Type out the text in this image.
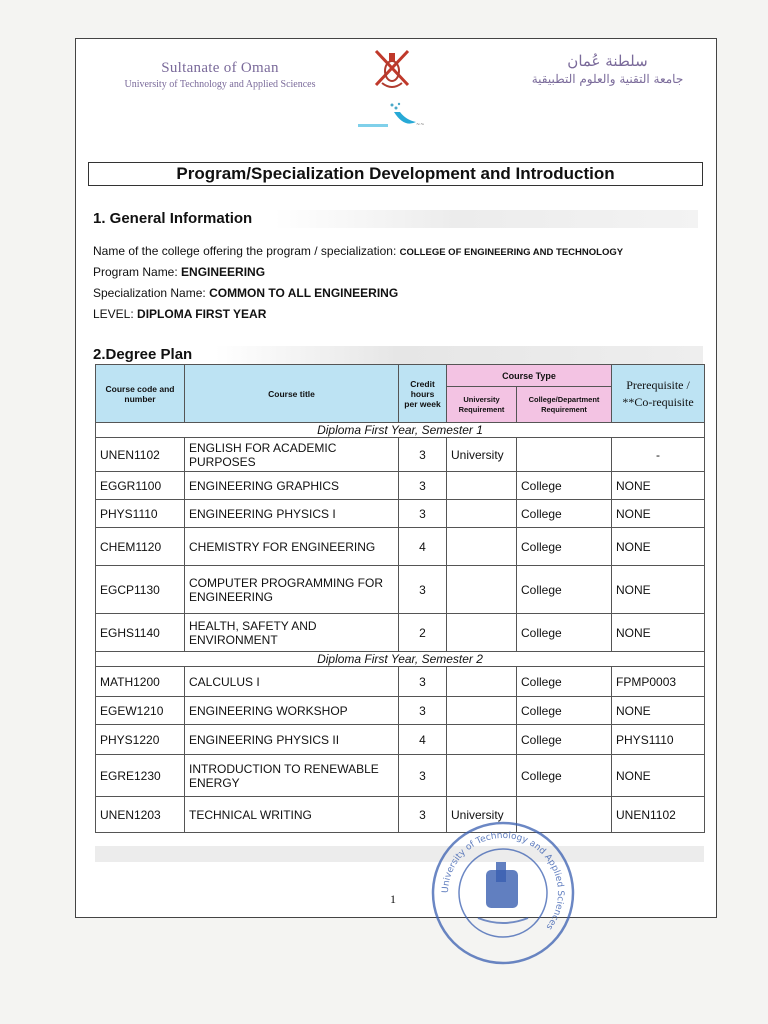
Sultanate of Oman
University of Technology and Applied Sciences
~~
سلطنة عُمان
جامعة التقنية والعلوم التطبيقية
Program/Specialization Development and Introduction
1. General Information
Name of the college offering the program / specialization: COLLEGE OF ENGINEERING AND TECHNOLOGY
Program Name: ENGINEERING
Specialization Name: COMMON TO ALL ENGINEERING
LEVEL: DIPLOMA FIRST YEAR
2.Degree Plan
Course code and number	Course title	Credit hours per week	Course Type		Prerequisite / **Co-requisite
			University Requirement	College/Department Requirement	
Diploma First Year, Semester 1					
UNEN1102	ENGLISH FOR ACADEMIC PURPOSES	3	University		-
EGGR1100	ENGINEERING GRAPHICS	3		College	NONE
PHYS1110	ENGINEERING PHYSICS I	3		College	NONE
CHEM1120	CHEMISTRY FOR ENGINEERING	4		College	NONE
EGCP1130	COMPUTER PROGRAMMING FOR ENGINEERING	3		College	NONE
EGHS1140	HEALTH, SAFETY AND ENVIRONMENT	2		College	NONE
Diploma First Year, Semester 2					
MATH1200	CALCULUS I	3		College	FPMP0003
EGEW1210	ENGINEERING WORKSHOP	3		College	NONE
PHYS1220	ENGINEERING PHYSICS II	4		College	PHYS1110
EGRE1230	INTRODUCTION TO RENEWABLE ENERGY	3		College	NONE
UNEN1203	TECHNICAL WRITING	3	University		UNEN1102
1
University of Technology and Applied Sciences
